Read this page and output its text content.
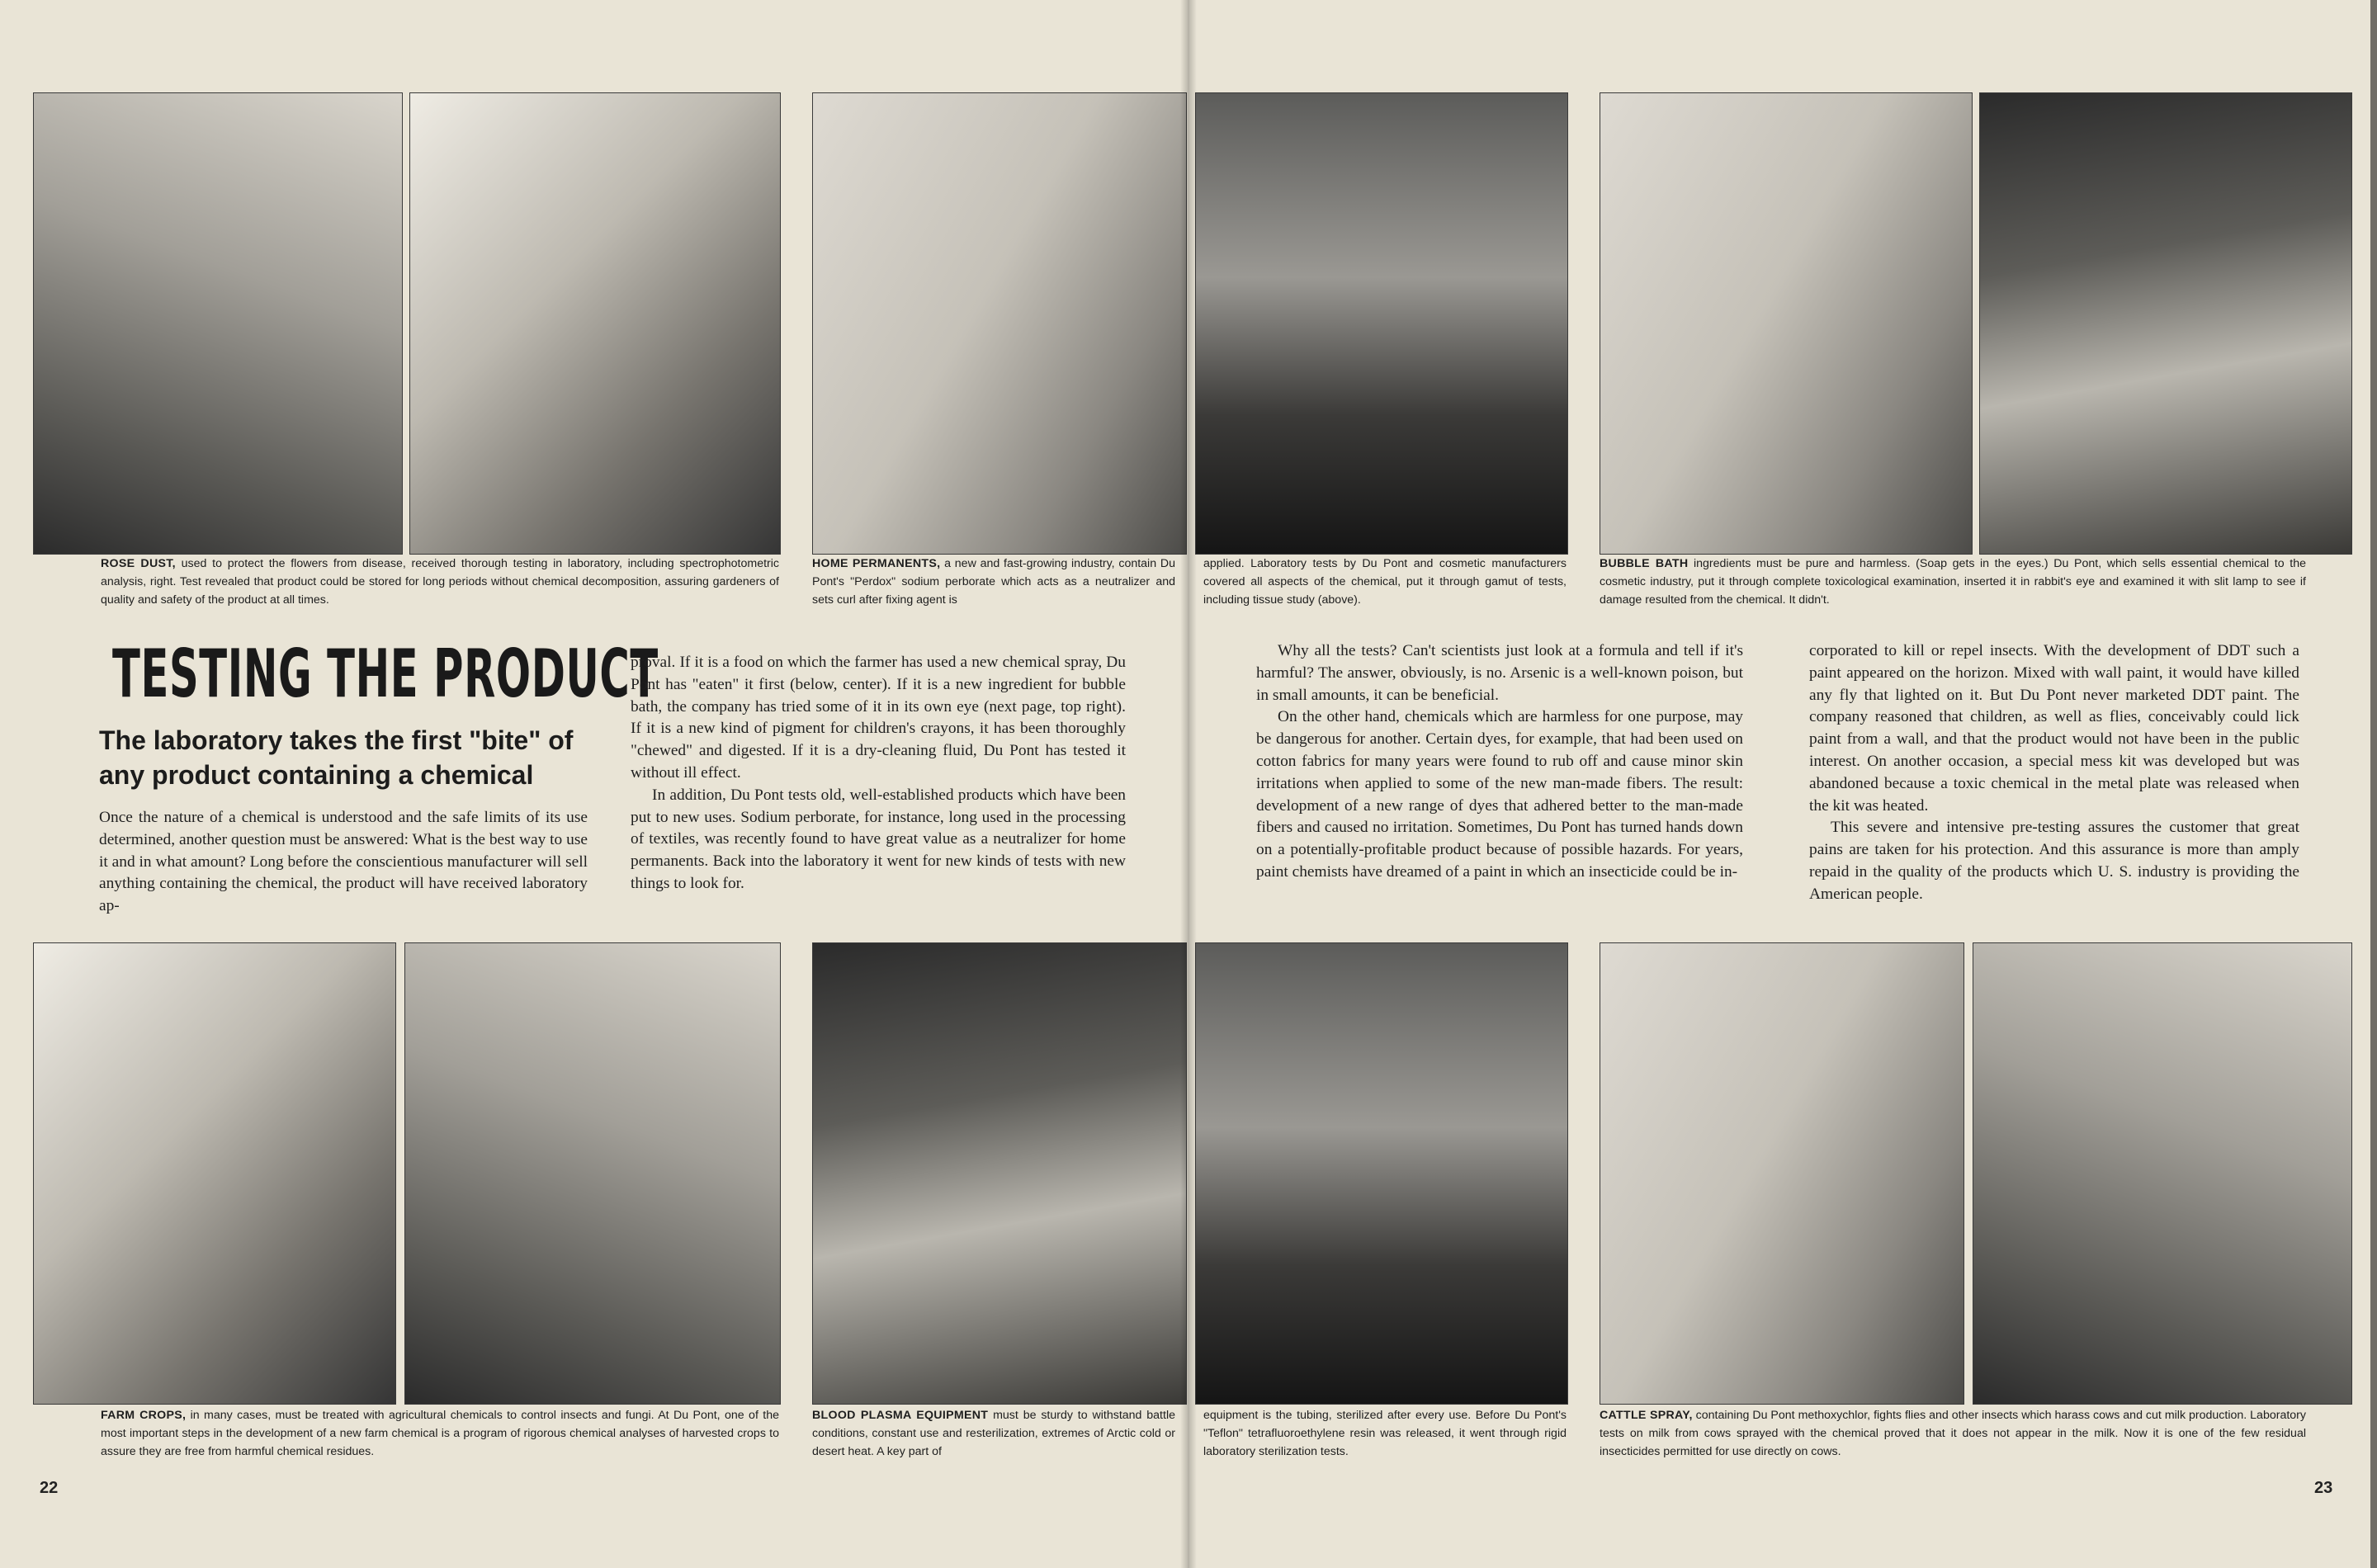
ROSE DUST, used to protect the flowers from disease, received thorough testing in laboratory, including spectrophotometric analysis, right. Test revealed that product could be stored for long periods without chemical decomposition, assuring gardeners of quality and safety of the product at all times.

HOME PERMANENTS, a new and fast-growing industry, contain Du Pont's "Perdox" sodium perborate which acts as a neutralizer and sets curl after fixing agent is

applied. Laboratory tests by Du Pont and cosmetic manufacturers covered all aspects of the chemical, put it through gamut of tests, including tissue study (above).

BUBBLE BATH ingredients must be pure and harmless. (Soap gets in the eyes.) Du Pont, which sells essential chemical to the cosmetic industry, put it through complete toxicological examination, inserted it in rabbit's eye and examined it with slit lamp to see if damage resulted from the chemical. It didn't.

TESTING THE PRODUCT
The laboratory takes the first "bite" of any product containing a chemical

Once the nature of a chemical is understood and the safe limits of its use determined, another question must be answered: What is the best way to use it and in what amount? Long before the conscientious manufacturer will sell anything containing the chemical, the product will have received laboratory ap-

proval. If it is a food on which the farmer has used a new chemical spray, Du Pont has "eaten" it first (below, center). If it is a new ingredient for bubble bath, the company has tried some of it in its own eye (next page, top right). If it is a new kind of pigment for children's crayons, it has been thoroughly "chewed" and digested. If it is a dry-cleaning fluid, Du Pont has tested it without ill effect.

In addition, Du Pont tests old, well-established products which have been put to new uses. Sodium perborate, for instance, long used in the processing of textiles, was recently found to have great value as a neutralizer for home permanents. Back into the laboratory it went for new kinds of tests with new things to look for.

Why all the tests? Can't scientists just look at a formula and tell if it's harmful? The answer, obviously, is no. Arsenic is a well-known poison, but in small amounts, it can be beneficial.

On the other hand, chemicals which are harmless for one purpose, may be dangerous for another. Certain dyes, for example, that had been used on cotton fabrics for many years were found to rub off and cause minor skin irritations when applied to some of the new man-made fibers. The result: development of a new range of dyes that adhered better to the man-made fibers and caused no irritation. Sometimes, Du Pont has turned hands down on a potentially-profitable product because of possible hazards. For years, paint chemists have dreamed of a paint in which an insecticide could be in-

corporated to kill or repel insects. With the development of DDT such a paint appeared on the horizon. Mixed with wall paint, it would have killed any fly that lighted on it. But Du Pont never marketed DDT paint. The company reasoned that children, as well as flies, conceivably could lick paint from a wall, and that the product would not have been in the public interest. On another occasion, a special mess kit was developed but was abandoned because a toxic chemical in the metal plate was released when the kit was heated.

This severe and intensive pre-testing assures the customer that great pains are taken for his protection. And this assurance is more than amply repaid in the quality of the products which U. S. industry is providing the American people.

FARM CROPS, in many cases, must be treated with agricultural chemicals to control insects and fungi. At Du Pont, one of the most important steps in the development of a new farm chemical is a program of rigorous chemical analyses of harvested crops to assure they are free from harmful chemical residues.

BLOOD PLASMA EQUIPMENT must be sturdy to withstand battle conditions, constant use and resterilization, extremes of Arctic cold or desert heat. A key part of

equipment is the tubing, sterilized after every use. Before Du Pont's "Teflon" tetrafluoroethylene resin was released, it went through rigid laboratory sterilization tests.

CATTLE SPRAY, containing Du Pont methoxychlor, fights flies and other insects which harass cows and cut milk production. Laboratory tests on milk from cows sprayed with the chemical proved that it does not appear in the milk. Now it is one of the few residual insecticides permitted for use directly on cows.

22	23
